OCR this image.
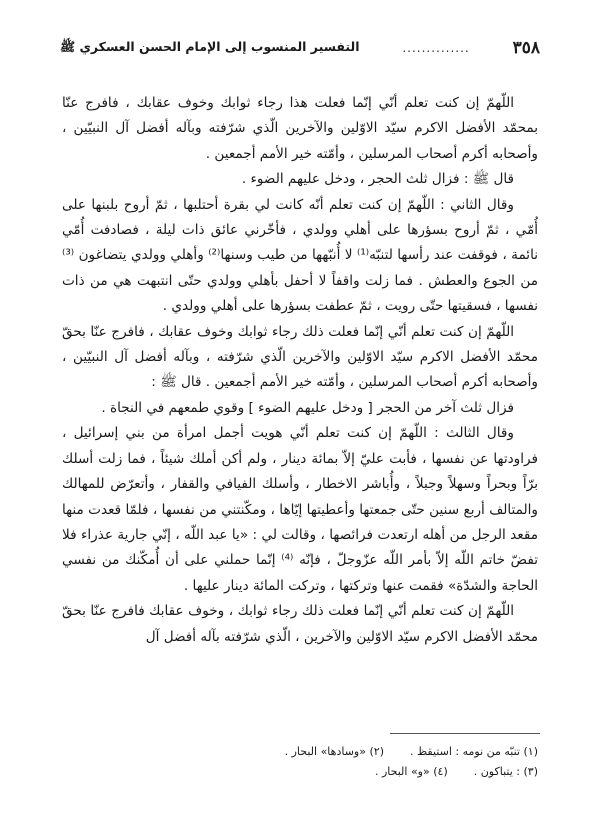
٣٥٨
..............
التفسير المنسوب إلى الإمام الحسن العسكري ﷺ

اللّهمّ إن كنت تعلم أنّي إنّما فعلت هذا رجاء ثوابك وخوف عقابك ، فافرج عنّا بمحمّد الأفضل الاكرم سيّد الاوّلين والآخرين الّذي شرّفته وبآله أفضل آل النبيّين ، وأصحابه أكرم أصحاب المرسلين ، وأمّته خير الأمم أجمعين .

قال ﷺ : فزال ثلث الحجر ، ودخل عليهم الضوء .

وقال الثاني : اللّهمّ إن كنت تعلم أنّه كانت لي بقرة أحتلبها ، ثمّ أروح بلبنها على أُمّي ، ثمّ أروح بسؤرها على أهلي وولدي ، فأخّرني عائق ذات ليلة ، فصادفت أُمّي نائمة ، فوقفت عند رأسها لتنبّه⁽¹⁾ لا أُنبّهها من طيب وسنها⁽²⁾ وأهلي وولدي يتضاغون ⁽³⁾ من الجوع والعطش . فما زلت واقفاً لا أحفل بأهلي وولدي حتّى انتبهت هي من ذات نفسها ، فسقيتها حتّى رويت ، ثمّ عطفت بسؤرها على أهلي وولدي .

اللّهمّ إن كنت تعلم أنّي إنّما فعلت ذلك رجاء ثوابك وخوف عقابك ، فافرج عنّا بحقّ محمّد الأفضل الاكرم سيّد الاوّلين والآخرين الّذي شرّفته ، وبآله أفضل آل النبيّين ، وأصحابه أكرم أصحاب المرسلين ، وأمّته خير الأمم أجمعين . قال ﷺ :

فزال ثلث آخر من الحجر [ ودخل عليهم الضوء ] وقوي طمعهم في النجاة .

وقال الثالث : اللّهمّ إن كنت تعلم أنّي هويت أجمل امرأة من بني إسرائيل ، فراودتها عن نفسها ، فأبت عليّ إلاّ بمائة دينار ، ولم أكن أملك شيئاً ، فما زلت أسلك برّاً وبحراً وسهلاً وجبلاً ، وأُباشر الاخطار ، وأسلك الفيافي والقفار ، وأتعرّض للمهالك والمتالف أربع سنين حتّى جمعتها وأعطيتها إيّاها ، ومكّنتني من نفسها ، فلمّا قعدت منها مقعد الرجل من أهله ارتعدت فرائصها ، وقالت لي : «يا عبد اللّه ، إنّي جارية عذراء فلا تفضّ خاتم اللّه إلاّ بأمر اللّه عزّوجلّ ، فإنّه ⁽⁴⁾ إنّما حملني على أن أُمكّنك من نفسي الحاجة والشدّة» فقمت عنها وتركتها ، وتركت المائة دينار عليها .

اللّهمّ إن كنت تعلم أنّي إنّما فعلت ذلك رجاء ثوابك ، وخوف عقابك فافرج عنّا بحقّ محمّد الأفضل الاكرم سيّد الاوّلين والآخرين ، الّذي شرّفته بآله أفضل آل

(١) تنبّه من نومه : استيقظ .
(٢) «وسادها» البحار .
(٣) : يتباكون .
(٤) «و» البحار .
